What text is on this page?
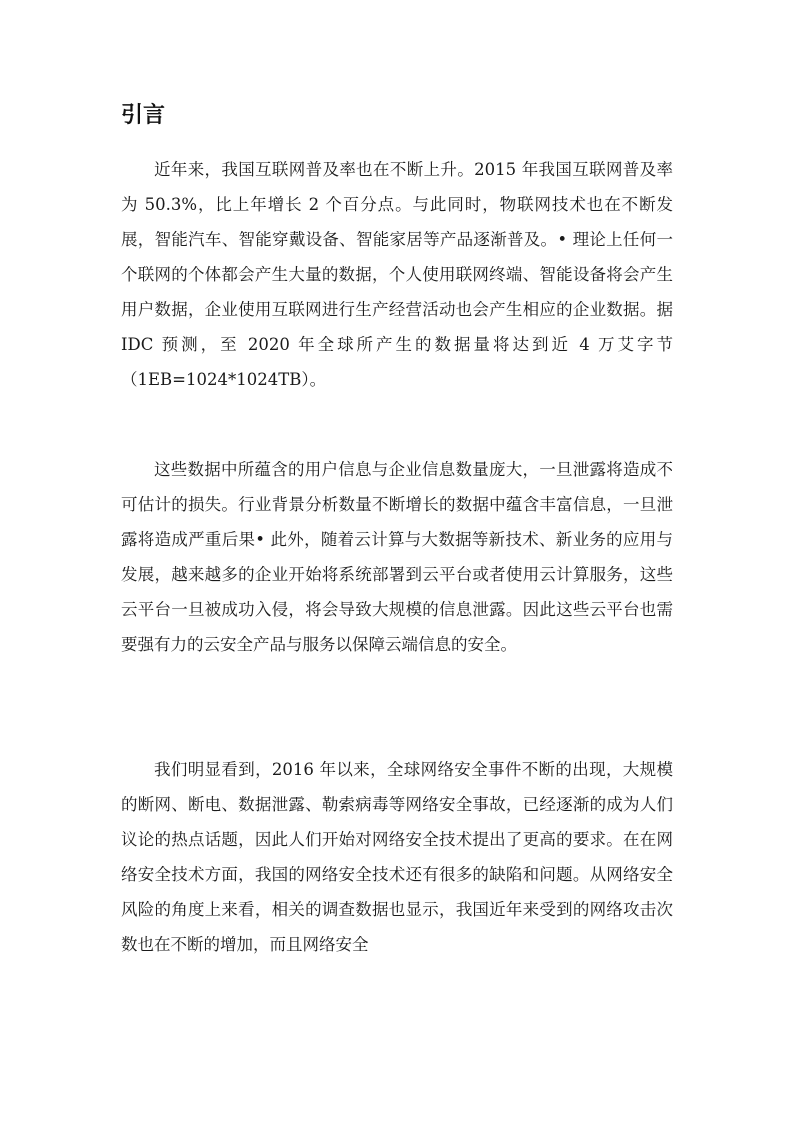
引言

近年来，我国互联网普及率也在不断上升。2015 年我国互联网普及率为 50.3%，比上年增长 2 个百分点。与此同时，物联网技术也在不断发展，智能汽车、智能穿戴设备、智能家居等产品逐渐普及。• 理论上任何一个联网的个体都会产生大量的数据，个人使用联网终端、智能设备将会产生用户数据，企业使用互联网进行生产经营活动也会产生相应的企业数据。据 IDC 预测，至 2020 年全球所产生的数据量将达到近 4 万艾字节（1EB=1024*1024TB）。

这些数据中所蕴含的用户信息与企业信息数量庞大，一旦泄露将造成不可估计的损失。行业背景分析数量不断增长的数据中蕴含丰富信息，一旦泄露将造成严重后果• 此外，随着云计算与大数据等新技术、新业务的应用与发展，越来越多的企业开始将系统部署到云平台或者使用云计算服务，这些云平台一旦被成功入侵，将会导致大规模的信息泄露。因此这些云平台也需要强有力的云安全产品与服务以保障云端信息的安全。

我们明显看到，2016 年以来，全球网络安全事件不断的出现，大规模的断网、断电、数据泄露、勒索病毒等网络安全事故，已经逐渐的成为人们议论的热点话题，因此人们开始对网络安全技术提出了更高的要求。在在网络安全技术方面，我国的网络安全技术还有很多的缺陷和问题。从网络安全风险的角度上来看，相关的调查数据也显示，我国近年来受到的网络攻击次数也在不断的增加，而且网络安全
